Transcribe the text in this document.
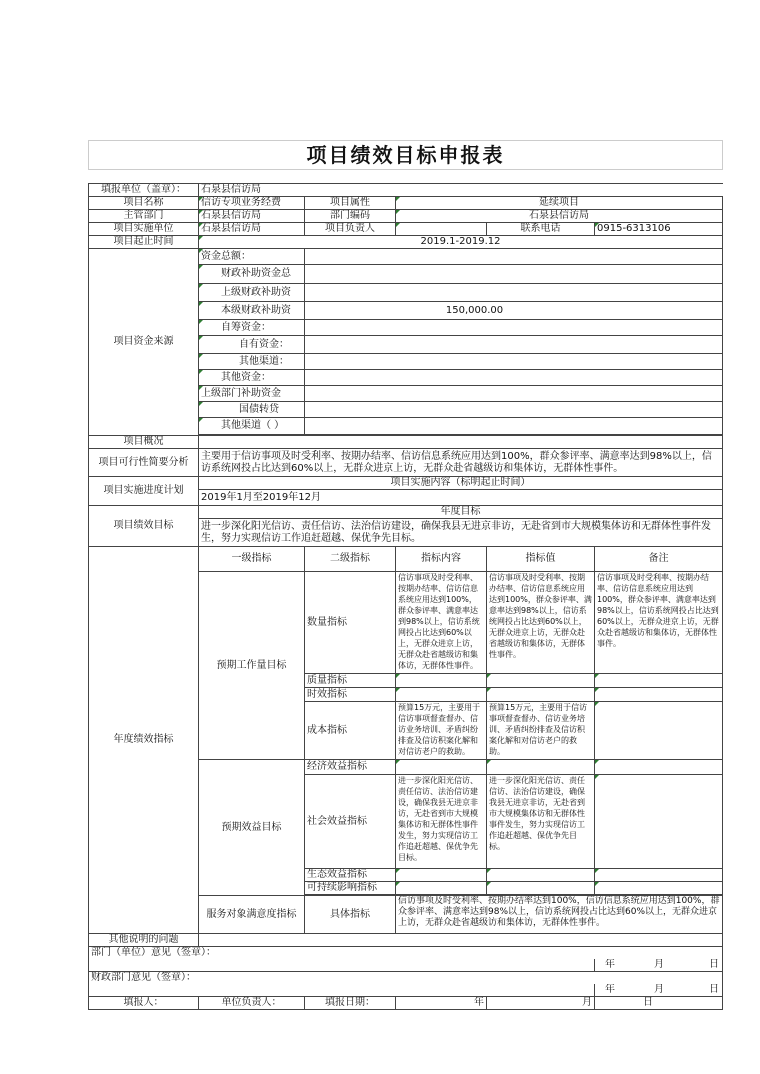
项目绩效目标申报表					

填报单位（盖章）：	石泉县信访局				
项目名称	信访专项业务经费	项目属性	延续项目		
主管部门	石泉县信访局	部门编码	石泉县信访局		
项目实施单位	石泉县信访局	项目负责人		联系电话	0915-6313106
项目起止时间	2019.1-2019.12				
项目资金来源	资金总额：				
	财政补助资金总				
	上级财政补助资				
	本级财政补助资	150,000.00			
	自筹资金：				
	自有资金：				
	其他渠道：				
	其他资金：				
	上级部门补助资金				
	国债转贷				
	其他渠道（ ）				

项目概况					
项目可行性简要分析	主要用于信访事项及时受利率、按期办结率、信访信息系统应用达到100%，群众参评率、满意率达到98%以上，信访系统网投占比达到60%以上，无群众进京上访，无群众赴省越级访和集体访，无群体性事件。				
项目实施进度计划	项目实施内容（标明起止时间）				
	2019年1月至2019年12月				
项目绩效目标	年度目标				
	进一步深化阳光信访、责任信访、法治信访建设，确保我县无进京非访，无赴省到市大规模集体访和无群体性事件发生，努力实现信访工作追赶超越、保优争先目标。				
年度绩效指标	一级指标	二级指标	指标内容	指标值	备注
	预期工作量目标	数量指标	信访事项及时受利率、按期办结率、信访信息系统应用达到100%，群众参评率、满意率达到98%以上，信访系统网投占比达到60%以上，无群众进京上访，无群众赴省越级访和集体访，无群体性事件。	信访事项及时受利率、按期办结率、信访信息系统应用达到100%，群众参评率、满意率达到98%以上，信访系统网投占比达到60%以上，无群众进京上访，无群众赴省越级访和集体访，无群体性事件。	信访事项及时受利率、按期办结率、信访信息系统应用达到100%，群众参评率、满意率达到98%以上，信访系统网投占比达到60%以上，无群众进京上访，无群众赴省越级访和集体访，无群体性事件。
		质量指标			
		时效指标			
		成本指标	预算15万元，主要用于信访事项督查督办、信访业务培训、矛盾纠纷排查及信访积案化解和对信访老户的救助。	预算15万元，主要用于信访事项督查督办、信访业务培训、矛盾纠纷排查及信访积案化解和对信访老户的救助。	
	预期效益目标	经济效益指标			
		社会效益指标	进一步深化阳光信访、责任信访、法治信访建设，确保我县无进京非访，无赴省到市大规模集体访和无群体性事件发生，努力实现信访工作追赶超越、保优争先目标。	进一步深化阳光信访、责任信访、法治信访建设，确保我县无进京非访，无赴省到市大规模集体访和无群体性事件发生，努力实现信访工作追赶超越、保优争先目标。	
		生态效益指标			
		可持续影响指标			

	服务对象满意度指标	具体指标	信访事项及时受利率、按期办结率达到100%，信访信息系统应用达到100%，群众参评率、满意率达到98%以上，信访系统网投占比达到60%以上，无群众进京上访，无群众赴省越级访和集体访，无群体性事件。		
其他说明的问题					
部门（单位）意见（签章）：					
					年 月 日
财政部门意见（签章）：					
					年 月 日
填报人：	单位负责人：	填报日期：	年	月	日
